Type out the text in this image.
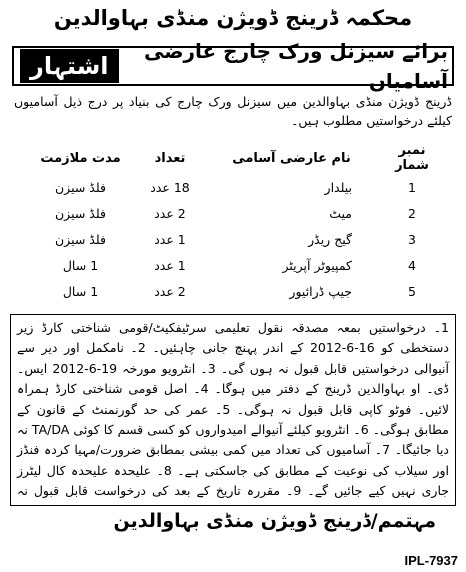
محکمہ ڈرینج ڈویژن منڈی بہاوالدین
اشتہار
برائے سیزنل ورک چارج عارضی آسامیاں
ڈرینج ڈویژن منڈی بہاوالدین میں سیزنل ورک چارج کی بنیاد پر درج ذیل آسامیوں کیلئے درخواستیں مطلوب ہیں۔
نمبر شمار	نام عارضی آسامی	تعداد	مدت ملازمت
1	بیلدار	18 عدد	فلڈ سیزن
2	میٹ	2 عدد	فلڈ سیزن
3	گیج ریڈر	1 عدد	فلڈ سیزن
4	کمپیوٹر آپریٹر	1 عدد	1 سال
5	جیپ ڈرائیور	2 عدد	1 سال
1۔ درخواستیں بمعہ مصدقہ نقول تعلیمی سرٹیفکیٹ/قومی شناختی کارڈ زیر دستخطی کو 16-6-2012 کے اندر پہنچ جانی چاہئیں۔ 2۔ نامکمل اور دیر سے آنیوالی درخواستیں قابل قبول نہ ہوں گی۔ 3۔ انٹرویو مورخہ 19-6-2012 ایس۔ ڈی۔ او بہاوالدین ڈرینج کے دفتر میں ہوگا۔ 4۔ اصل قومی شناختی کارڈ ہمراہ لائیں۔ فوٹو کاپی قابل قبول نہ ہوگی۔ 5۔ عمر کی حد گورنمنٹ کے قانون کے مطابق ہوگی۔ 6۔ انٹرویو کیلئے آنیوالے امیدواروں کو کسی قسم کا کوئی TA/DA نہ دیا جائیگا۔ 7۔ آسامیوں کی تعداد میں کمی بیشی بمطابق ضرورت/مہیا کردہ فنڈز اور سیلاب کی نوعیت کے مطابق کی جاسکتی ہے۔ 8۔ علیحدہ علیحدہ کال لیٹرز جاری نہیں کیے جائیں گے۔ 9۔ مقررہ تاریخ کے بعد کی درخواست قابل قبول نہ
مہتمم/ڈرینج ڈویژن منڈی بہاوالدین
IPL-7937
